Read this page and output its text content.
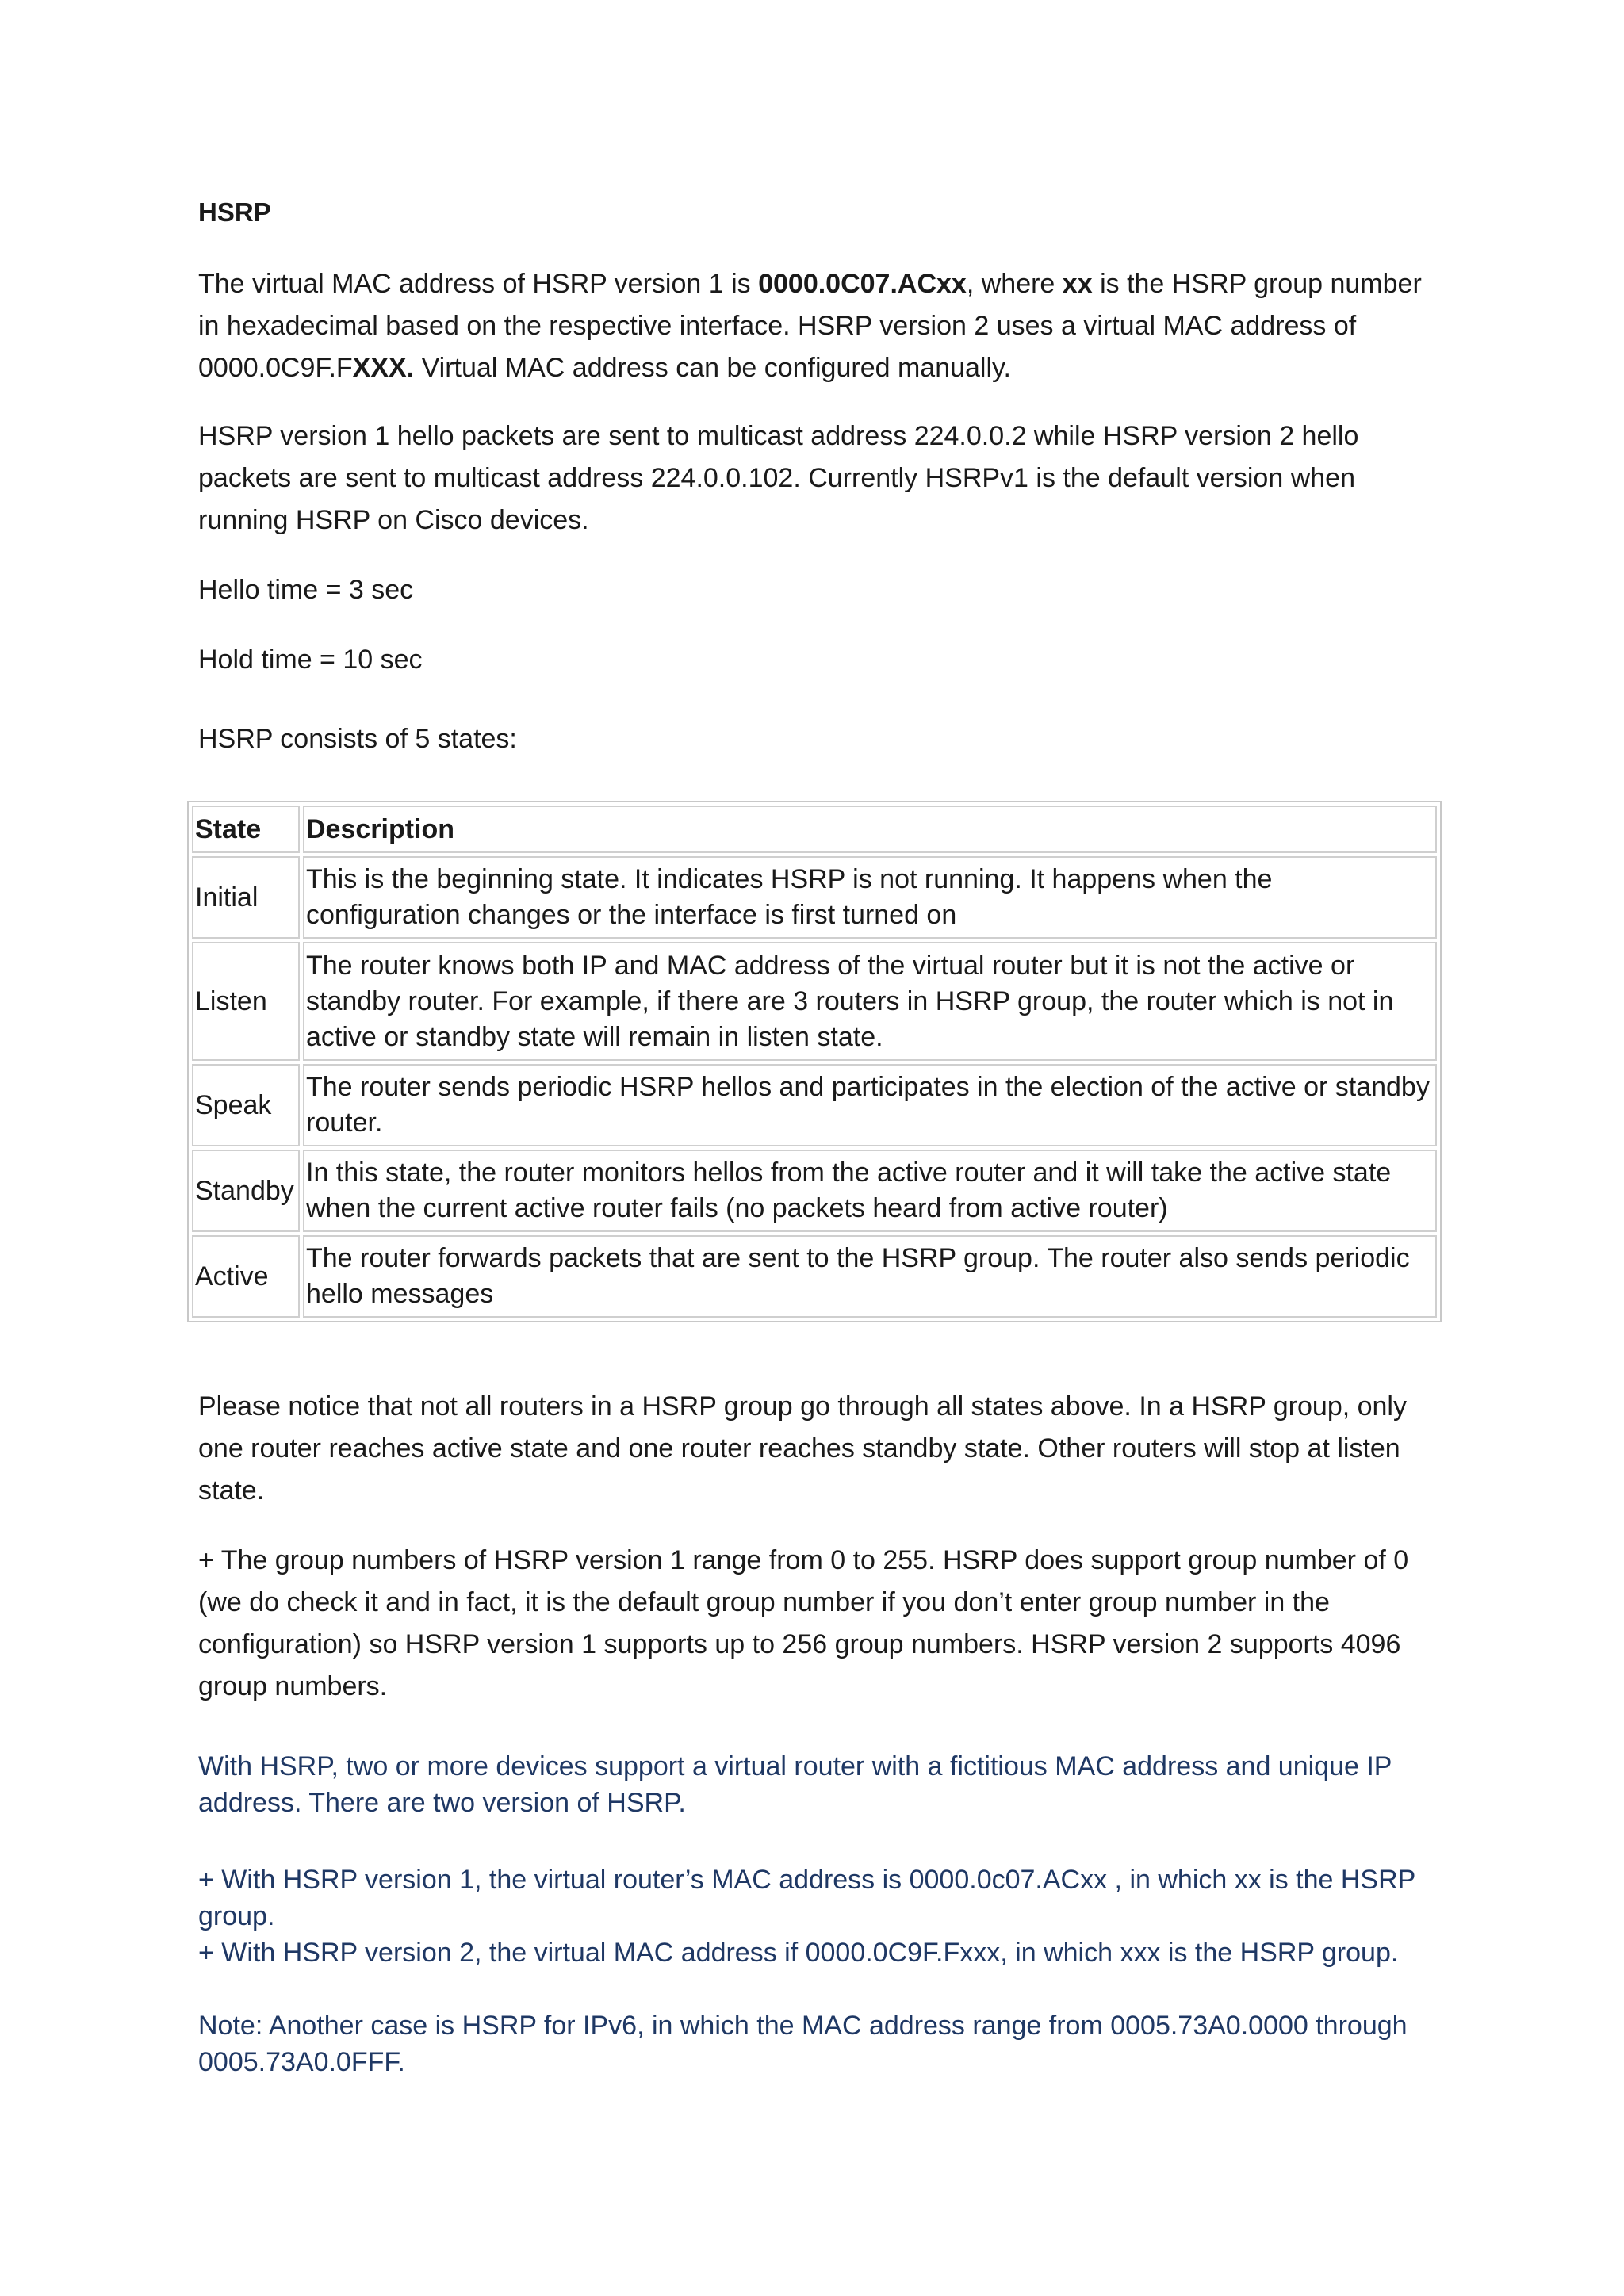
HSRP

The virtual MAC address of HSRP version 1 is 0000.0C07.ACxx, where xx is the HSRP group number in hexadecimal based on the respective interface. HSRP version 2 uses a virtual MAC address of 0000.0C9F.FXXX. Virtual MAC address can be configured manually.

HSRP version 1 hello packets are sent to multicast address 224.0.0.2 while HSRP version 2 hello packets are sent to multicast address 224.0.0.102. Currently HSRPv1 is the default version when running HSRP on Cisco devices.

Hello time = 3 sec

Hold time = 10 sec

HSRP consists of 5 states:

State	Description
Initial	This is the beginning state. It indicates HSRP is not running. It happens when the configuration changes or the interface is first turned on
Listen	The router knows both IP and MAC address of the virtual router but it is not the active or standby router. For example, if there are 3 routers in HSRP group, the router which is not in active or standby state will remain in listen state.
Speak	The router sends periodic HSRP hellos and participates in the election of the active or standby router.
Standby	In this state, the router monitors hellos from the active router and it will take the active state when the current active router fails (no packets heard from active router)
Active	The router forwards packets that are sent to the HSRP group. The router also sends periodic hello messages

Please notice that not all routers in a HSRP group go through all states above. In a HSRP group, only one router reaches active state and one router reaches standby state. Other routers will stop at listen state.

+ The group numbers of HSRP version 1 range from 0 to 255. HSRP does support group number of 0 (we do check it and in fact, it is the default group number if you don’t enter group number in the configuration) so HSRP version 1 supports up to 256 group numbers. HSRP version 2 supports 4096 group numbers.

With HSRP, two or more devices support a virtual router with a fictitious MAC address and unique IP address. There are two version of HSRP.

+ With HSRP version 1, the virtual router’s MAC address is 0000.0c07.ACxx , in which xx is the HSRP group.

+ With HSRP version 2, the virtual MAC address if 0000.0C9F.Fxxx, in which xxx is the HSRP group.

Note: Another case is HSRP for IPv6, in which the MAC address range from 0005.73A0.0000 through 0005.73A0.0FFF.
